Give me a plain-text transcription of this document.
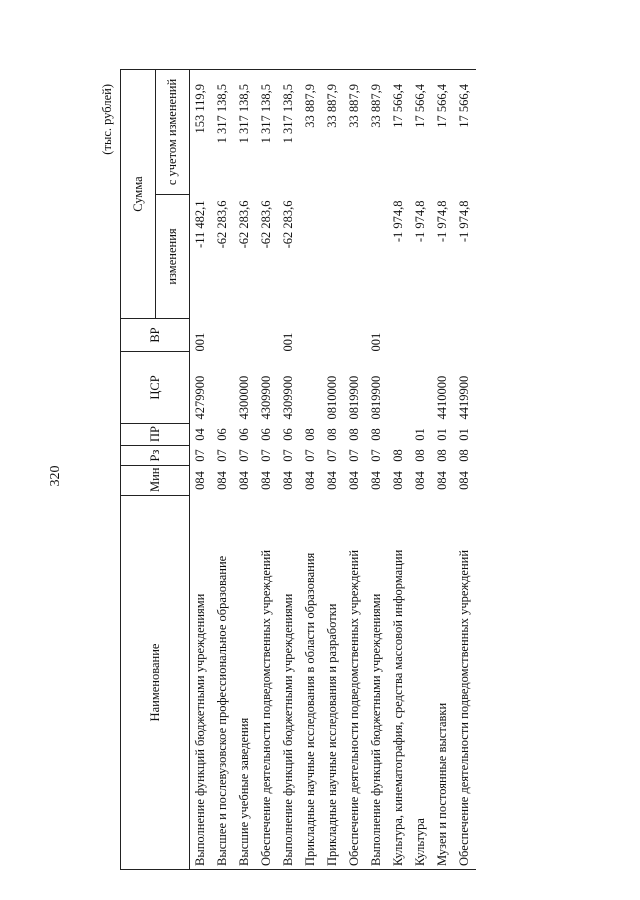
320
(тыс. рублей)
Наименование	Мин	Рз	ПР	ЦСР	ВР	Сумма	
						изменения	с учетом изменений
Выполнение функций бюджетными учреждениями	084	07	04	4279900	001	-11 482,1	153 119,9
Высшее и послевузовское профессиональное образование	084	07	06			-62 283,6	1 317 138,5
Высшие учебные заведения	084	07	06	4300000		-62 283,6	1 317 138,5
Обеспечение деятельности подведомственных учреждений	084	07	06	4309900		-62 283,6	1 317 138,5
Выполнение функций бюджетными учреждениями	084	07	06	4309900	001	-62 283,6	1 317 138,5
Прикладные научные исследования в области образования	084	07	08				33 887,9
Прикладные научные исследования и разработки	084	07	08	0810000			33 887,9
Обеспечение деятельности подведомственных учреждений	084	07	08	0819900			33 887,9
Выполнение функций бюджетными учреждениями	084	07	08	0819900	001		33 887,9
Культура, кинематография, средства массовой информации	084	08				-1 974,8	17 566,4
Культура	084	08	01			-1 974,8	17 566,4
Музеи и постоянные выставки	084	08	01	4410000		-1 974,8	17 566,4
Обеспечение деятельности подведомственных учреждений	084	08	01	4419900		-1 974,8	17 566,4
